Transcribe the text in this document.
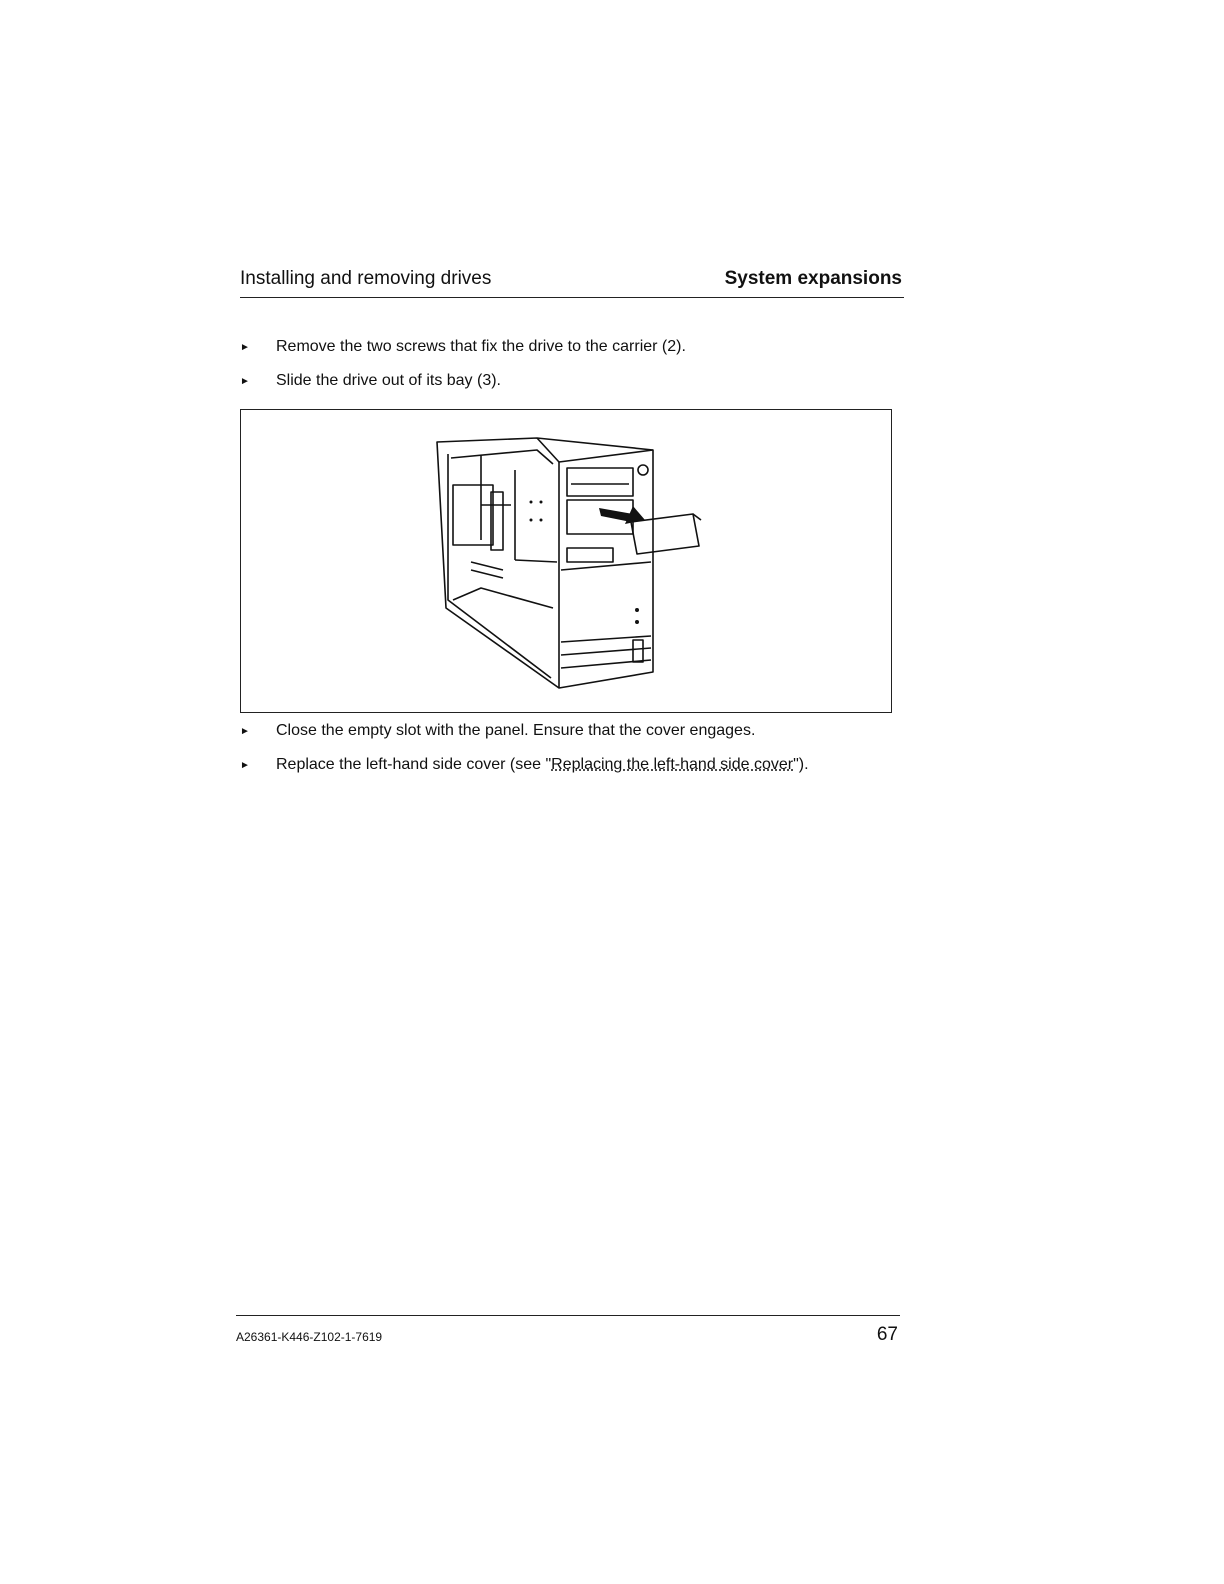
Installing and removing drives	System expansions
►	Remove the two screws that fix the drive to the carrier (2).
►	Slide the drive out of its bay (3).
►	Close the empty slot with the panel. Ensure that the cover engages.
►	Replace the left-hand side cover (see "Replacing the left-hand side cover").
A26361-K446-Z102-1-7619	67
